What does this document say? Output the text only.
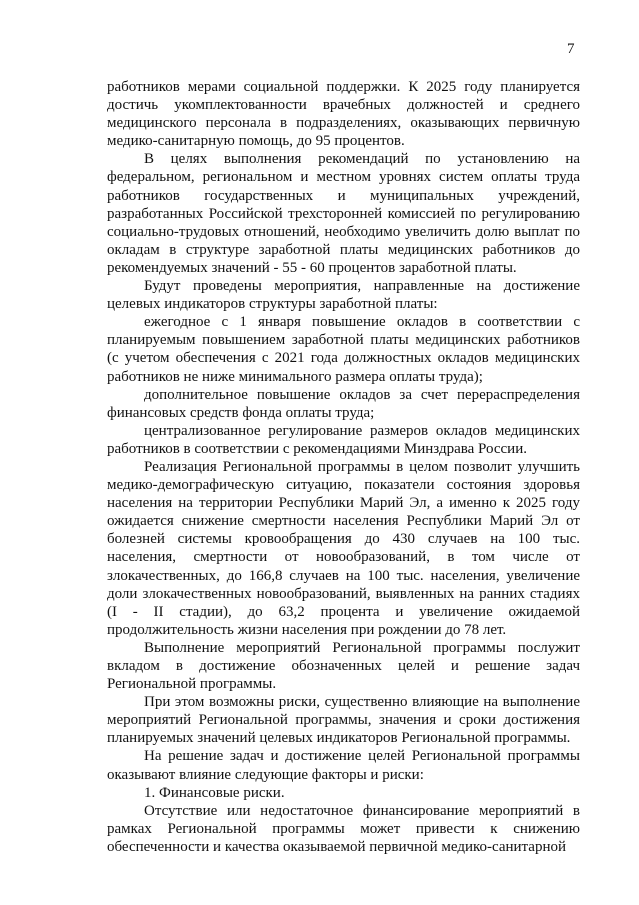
7

работников мерами социальной поддержки. К 2025 году планируется достичь укомплектованности врачебных должностей и среднего медицинского персонала в подразделениях, оказывающих первичную медико-санитарную помощь, до 95 процентов.

В целях выполнения рекомендаций по установлению на федеральном, региональном и местном уровнях систем оплаты труда работников государственных и муниципальных учреждений, разработанных Российской трехсторонней комиссией по регулированию социально-трудовых отношений, необходимо увеличить долю выплат по окладам в структуре заработной платы медицинских работников до рекомендуемых значений - 55 - 60 процентов заработной платы.

Будут проведены мероприятия, направленные на достижение целевых индикаторов структуры заработной платы:

ежегодное с 1 января повышение окладов в соответствии с планируемым повышением заработной платы медицинских работников (с учетом обеспечения с 2021 года должностных окладов медицинских работников не ниже минимального размера оплаты труда);

дополнительное повышение окладов за счет перераспределения финансовых средств фонда оплаты труда;

централизованное регулирование размеров окладов медицинских работников в соответствии с рекомендациями Минздрава России.

Реализация Региональной программы в целом позволит улучшить медико-демографическую ситуацию, показатели состояния здоровья населения на территории Республики Марий Эл, а именно к 2025 году ожидается снижение смертности населения Республики Марий Эл от болезней системы кровообращения до 430 случаев на 100 тыс. населения, смертности от новообразований, в том числе от злокачественных, до 166,8 случаев на 100 тыс. населения, увеличение доли злокачественных новообразований, выявленных на ранних стадиях (I - II стадии), до 63,2 процента и увеличение ожидаемой продолжительность жизни населения при рождении до 78 лет.

Выполнение мероприятий Региональной программы послужит вкладом в достижение обозначенных целей и решение задач Региональной программы.

При этом возможны риски, существенно влияющие на выполнение мероприятий Региональной программы, значения и сроки достижения планируемых значений целевых индикаторов Региональной программы.

На решение задач и достижение целей Региональной программы оказывают влияние следующие факторы и риски:

1. Финансовые риски.

Отсутствие или недостаточное финансирование мероприятий в рамках Региональной программы может привести к снижению обеспеченности и качества оказываемой первичной медико-санитарной
